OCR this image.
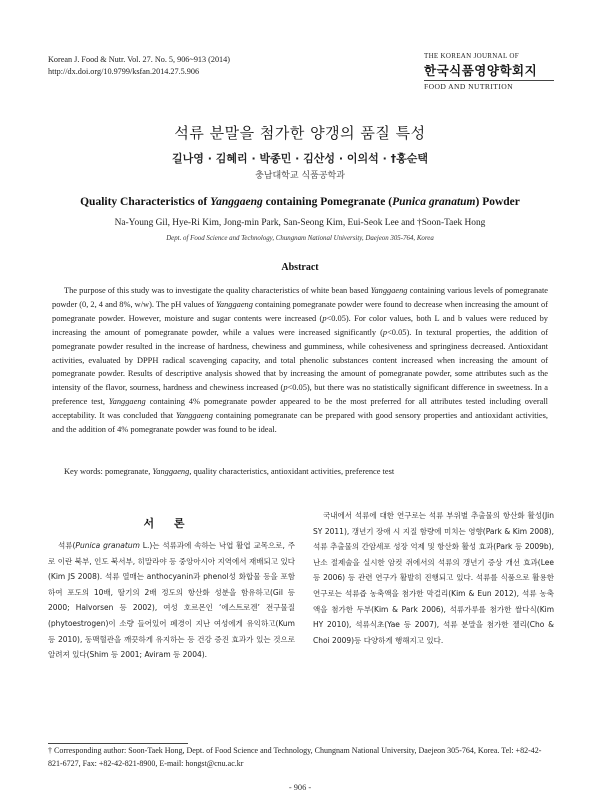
Korean J. Food & Nutr. Vol. 27. No. 5, 906~913 (2014)
http://dx.doi.org/10.9799/ksfan.2014.27.5.906
THE KOREAN JOURNAL OF
한국식품영양학회지
FOOD AND NUTRITION
석류 분말을 첨가한 양갱의 품질 특성
길나영 · 김혜리 · 박종민 · 김산성 · 이의석 · †홍순택
충남대학교 식품공학과
Quality Characteristics of Yanggaeng containing Pomegranate (Punica granatum) Powder
Na-Young Gil, Hye-Ri Kim, Jong-min Park, San-Seong Kim, Eui-Seok Lee and †Soon-Taek Hong
Dept. of Food Science and Technology, Chungnam National University, Daejeon 305-764, Korea
Abstract

The purpose of this study was to investigate the quality characteristics of white bean based Yanggaeng containing various levels of pomegranate powder (0, 2, 4 and 8%, w/w). The pH values of Yanggaeng containing pomegranate powder were found to decrease when increasing the amount of pomegranate powder. However, moisture and sugar contents were increased (p<0.05). For color values, both L and b values were reduced by increasing the amount of pomegranate powder, while a values were increased significantly (p<0.05). In textural properties, the addition of pomegranate powder resulted in the increase of hardness, chewiness and gumminess, while cohesiveness and springiness decreased. Antioxidant activities, evaluated by DPPH radical scavenging capacity, and total phenolic substances content increased when increasing the amount of pomegranate powder. Results of descriptive analysis showed that by increasing the amount of pomegranate powder, some attributes such as the intensity of the flavor, sourness, hardness and chewiness increased (p<0.05), but there was no statistically significant difference in sweetness. In a preference test, Yanggaeng containing 4% pomegranate powder appeared to be the most preferred for all attributes tested including overall acceptability. It was concluded that Yanggaeng containing pomegranate can be prepared with good sensory properties and antioxidant activities, and the addition of 4% pomegranate powder was found to be ideal.

Key words: pomegranate, Yanggaeng, quality characteristics, antioxidant activities, preference test
서 론

석류(Punica granatum L.)는 석류과에 속하는 낙엽 활엽 교목으로, 주로 이란 북부, 인도 북서부, 히말라야 등 중앙아시아 지역에서 재배되고 있다(Kim JS 2008). 석류 열매는 anthocyanin과 phenol성 화합물 등을 포함하여 포도의 10배, 딸기의 2배 정도의 항산화 성분을 함유하고(Gil 등 2000; Halvorsen 등 2002), 여성 호르몬인 ‘에스트로겐’ 전구물질(phytoestrogen)이 소량 들어있어 폐경이 지난 여성에게 유익하고(Kum 등 2010), 동맥혈관을 깨끗하게 유지하는 등 건강 증진 효과가 있는 것으로 알려져 있다(Shim 등 2001; Aviram 등 2004).

국내에서 석류에 대한 연구로는 석류 부위별 추출물의 항산화 활성(Jin SY 2011), 갱년기 장애 시 지질 함량에 미치는 영향(Park & Kim 2008), 석류 추출물의 간암세포 성장 억제 및 항산화 활성 효과(Park 등 2009b), 난소 절제술을 실시한 암컷 쥐에서의 석류의 갱년기 증상 개선 효과(Lee 등 2006) 등 관련 연구가 활발히 진행되고 있다. 석류를 식품으로 활용한 연구로는 석류즙 농축액을 첨가한 막걸리(Kim & Eun 2012), 석류 농축액을 첨가한 두부(Kim & Park 2006), 석류가루를 첨가한 쌀다식(Kim HY 2010), 석류식초(Yae 등 2007), 석류 분말을 첨가한 젤리(Cho & Choi 2009)등 다양하게 행해지고 있다.

† Corresponding author: Soon-Taek Hong, Dept. of Food Science and Technology, Chungnam National University, Daejeon 305-764, Korea. Tel: +82-42-821-6727, Fax: +82-42-821-8900, E-mail: hongst@cnu.ac.kr
- 906 -
